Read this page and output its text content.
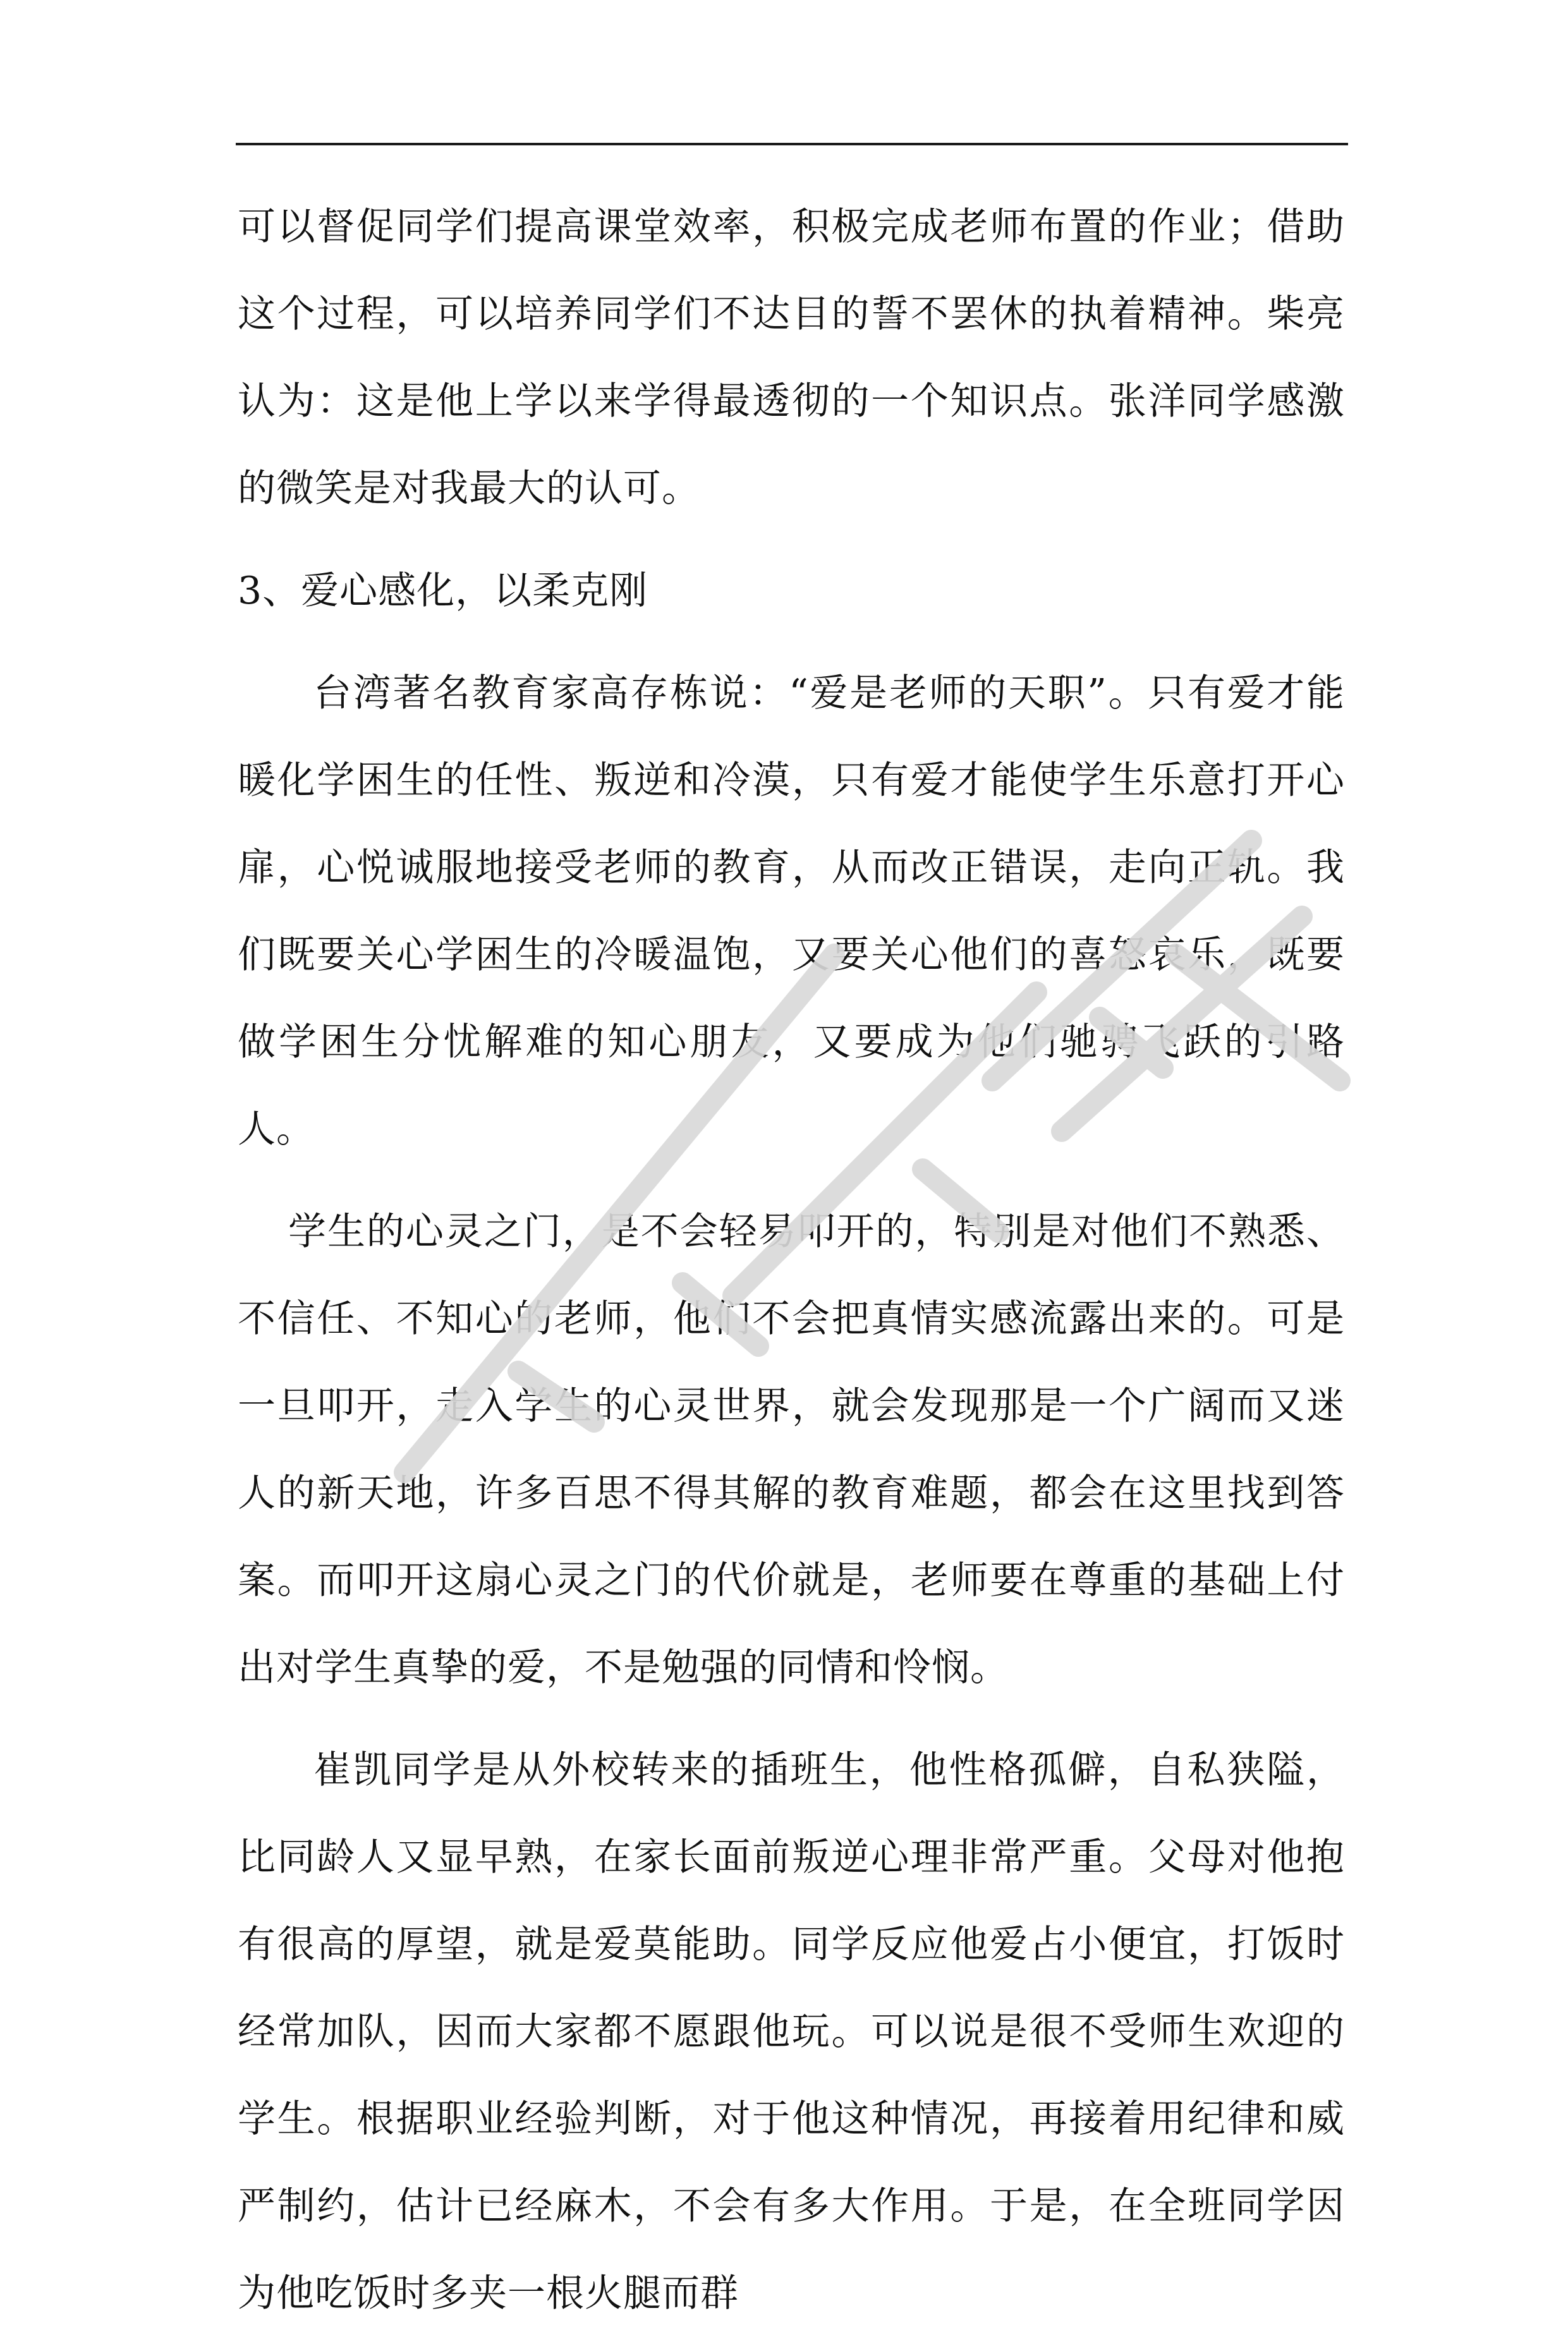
可以督促同学们提高课堂效率，积极完成老师布置的作业；借助这个过程，可以培养同学们不达目的誓不罢休的执着精神。柴亮认为：这是他上学以来学得最透彻的一个知识点。张洋同学感激的微笑是对我最大的认可。

3、爱心感化，以柔克刚

台湾著名教育家高存栋说：“爱是老师的天职”。只有爱才能暖化学困生的任性、叛逆和冷漠，只有爱才能使学生乐意打开心扉，心悦诚服地接受老师的教育，从而改正错误，走向正轨。我们既要关心学困生的冷暖温饱，又要关心他们的喜怒哀乐，既要做学困生分忧解难的知心朋友，又要成为他们驰骋飞跃的引路人。

学生的心灵之门，是不会轻易叩开的，特别是对他们不熟悉、不信任、不知心的老师，他们不会把真情实感流露出来的。可是一旦叩开，走入学生的心灵世界，就会发现那是一个广阔而又迷人的新天地，许多百思不得其解的教育难题，都会在这里找到答案。而叩开这扇心灵之门的代价就是，老师要在尊重的基础上付出对学生真挚的爱，不是勉强的同情和怜悯。

崔凯同学是从外校转来的插班生，他性格孤僻，自私狭隘，比同龄人又显早熟，在家长面前叛逆心理非常严重。父母对他抱有很高的厚望，就是爱莫能助。同学反应他爱占小便宜，打饭时经常加队，因而大家都不愿跟他玩。可以说是很不受师生欢迎的学生。根据职业经验判断，对于他这种情况，再接着用纪律和威严制约，估计已经麻木，不会有多大作用。于是，在全班同学因为他吃饭时多夹一根火腿而群
